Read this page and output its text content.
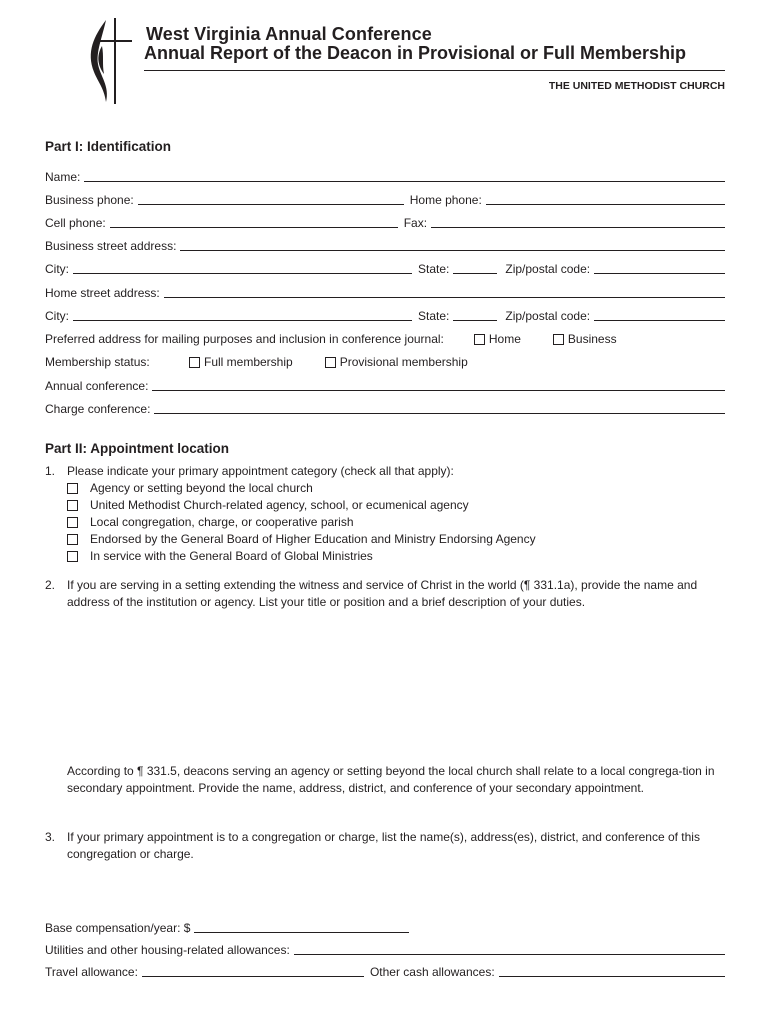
West Virginia Annual Conference
Annual Report of the Deacon in Provisional or Full Membership
THE UNITED METHODIST CHURCH
Part I: Identification
Name:
Business phone:	Home phone:
Cell phone:	Fax:
Business street address:
City:	State:	Zip/postal code:
Home street address:
City:	State:	Zip/postal code:
Preferred address for mailing purposes and inclusion in conference journal:	Home	Business
Membership status:	Full membership	Provisional membership
Annual conference:
Charge conference:
Part II: Appointment location
1. Please indicate your primary appointment category (check all that apply):
Agency or setting beyond the local church
United Methodist Church-related agency, school, or ecumenical agency
Local congregation, charge, or cooperative parish
Endorsed by the General Board of Higher Education and Ministry Endorsing Agency
In service with the General Board of Global Ministries
2. If you are serving in a setting extending the witness and service of Christ in the world (¶ 331.1a), provide the name and address of the institution or agency. List your title or position and a brief description of your duties.
According to ¶ 331.5, deacons serving an agency or setting beyond the local church shall relate to a local congrega-tion in secondary appointment. Provide the name, address, district, and conference of your secondary appointment.
3. If your primary appointment is to a congregation or charge, list the name(s), address(es), district, and conference of this congregation or charge.
Base compensation/year: $
Utilities and other housing-related allowances:
Travel allowance:	Other cash allowances:
